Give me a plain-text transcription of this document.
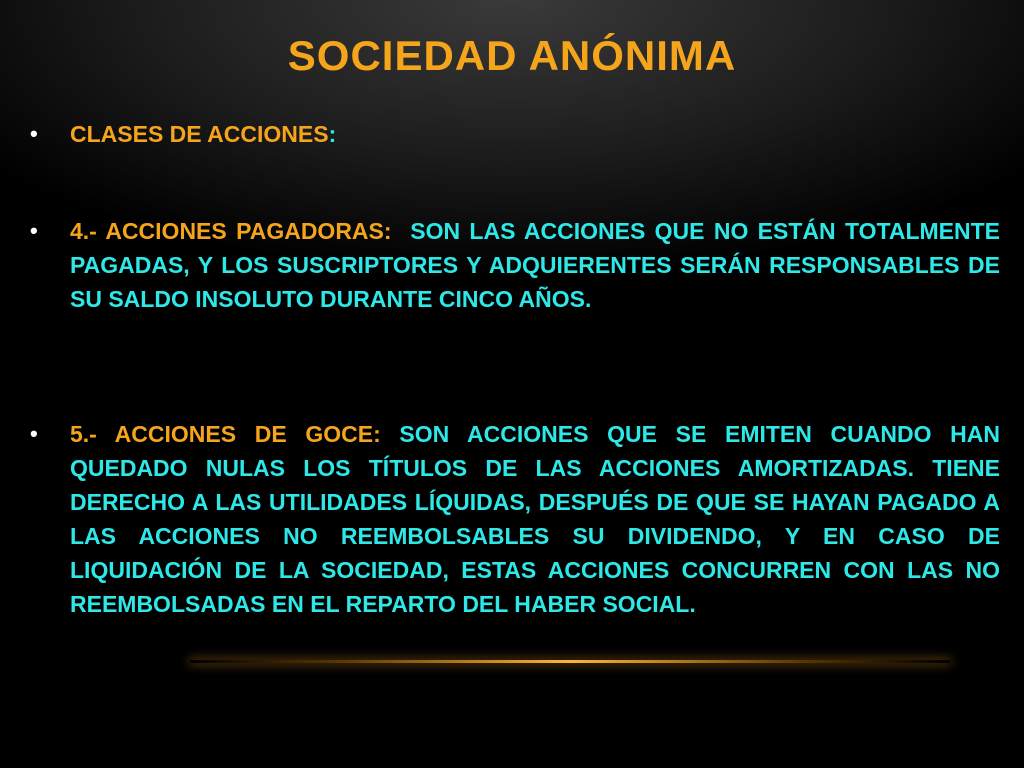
SOCIEDAD ANÓNIMA
•	CLASES DE ACCIONES:
•	4.- ACCIONES PAGADORAS: SON LAS ACCIONES QUE NO ESTÁN TOTALMENTE PAGADAS, Y LOS SUSCRIPTORES Y ADQUIERENTES SERÁN RESPONSABLES DE SU SALDO INSOLUTO DURANTE CINCO AÑOS.
•	5.- ACCIONES DE GOCE: SON ACCIONES QUE SE EMITEN CUANDO HAN QUEDADO NULAS LOS TÍTULOS DE LAS ACCIONES AMORTIZADAS. TIENE DERECHO A LAS UTILIDADES LÍQUIDAS, DESPUÉS DE QUE SE HAYAN PAGADO A LAS ACCIONES NO REEMBOLSABLES SU DIVIDENDO, Y EN CASO DE LIQUIDACIÓN DE LA SOCIEDAD, ESTAS ACCIONES CONCURREN CON LAS NO REEMBOLSADAS EN EL REPARTO DEL HABER SOCIAL.
